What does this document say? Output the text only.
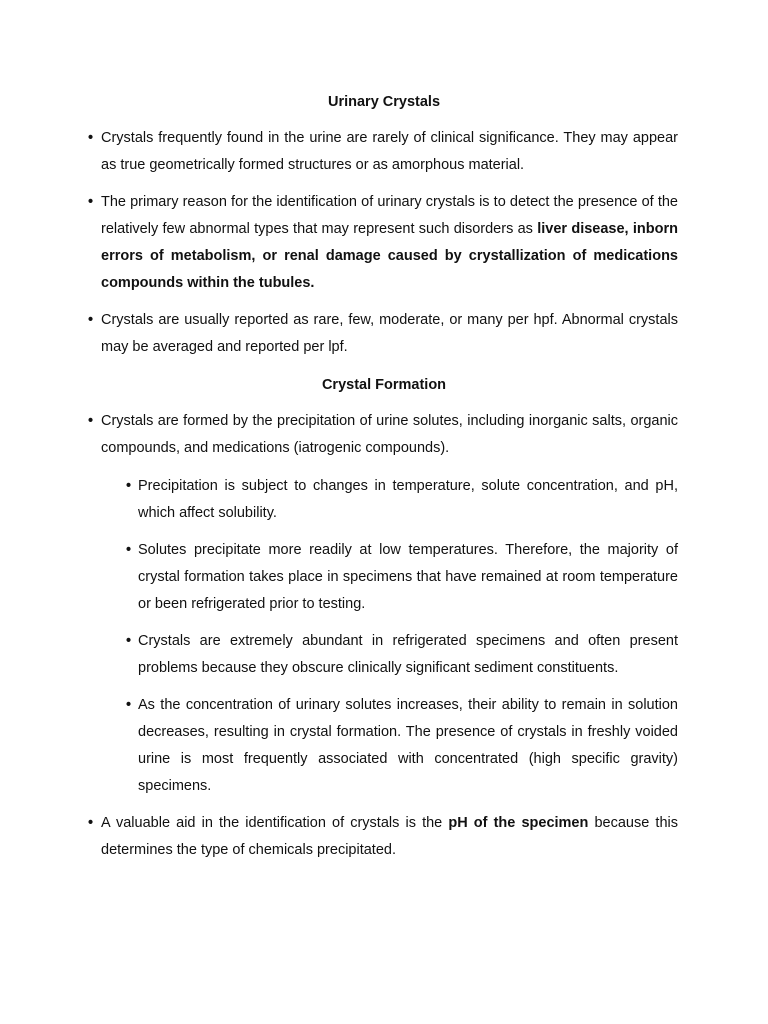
Urinary Crystals
• Crystals frequently found in the urine are rarely of clinical significance. They may appear as true geometrically formed structures or as amorphous material.
• The primary reason for the identification of urinary crystals is to detect the presence of the relatively few abnormal types that may represent such disorders as liver disease, inborn errors of metabolism, or renal damage caused by crystallization of medications compounds within the tubules.
• Crystals are usually reported as rare, few, moderate, or many per hpf. Abnormal crystals may be averaged and reported per lpf.
Crystal Formation
• Crystals are formed by the precipitation of urine solutes, including inorganic salts, organic compounds, and medications (iatrogenic compounds).
• Precipitation is subject to changes in temperature, solute concentration, and pH, which affect solubility.
• Solutes precipitate more readily at low temperatures. Therefore, the majority of crystal formation takes place in specimens that have remained at room temperature or been refrigerated prior to testing.
• Crystals are extremely abundant in refrigerated specimens and often present problems because they obscure clinically significant sediment constituents.
• As the concentration of urinary solutes increases, their ability to remain in solution decreases, resulting in crystal formation. The presence of crystals in freshly voided urine is most frequently associated with concentrated (high specific gravity) specimens.
• A valuable aid in the identification of crystals is the pH of the specimen because this determines the type of chemicals precipitated.
